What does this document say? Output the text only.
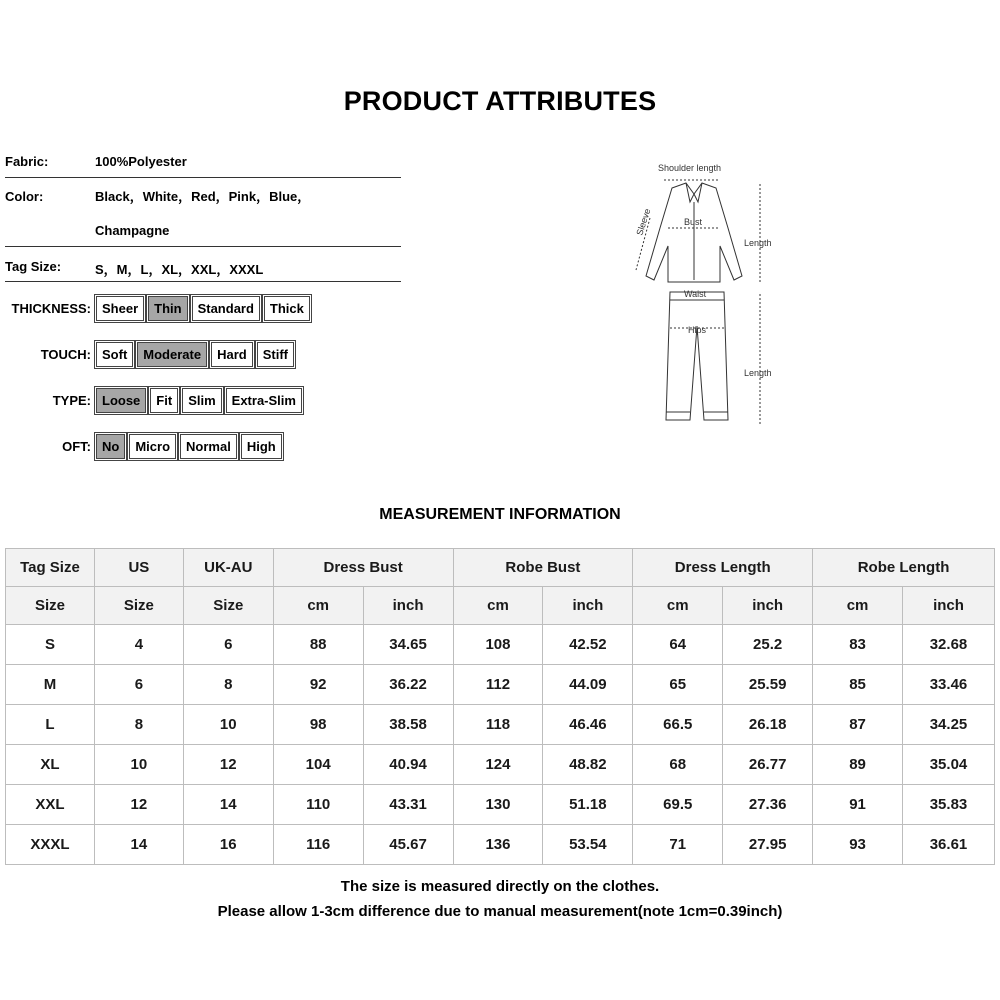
PRODUCT ATTRIBUTES
Fabric:	100%Polyester
Color:	Black，White，Red，Pink，Blue，
Champagne
Tag Size:	S，M，L，XL，XXL，XXXL
THICKNESS: Sheer	Thin	Standard	Thick
TOUCH: Soft	Moderate	Hard	Stiff
TYPE: Loose	Fit	Slim	Extra-Slim
OFT: No	Micro	Normal	High
Shoulder length
Bust
Sleeve
Length
Waist
Hips
Length
MEASUREMENT INFORMATION
Tag Size	US	UK-AU	Dress Bust		Robe Bust		Dress Length		Robe Length	
Size	Size	Size	cm	inch	cm	inch	cm	inch	cm	inch
S	4	6	88	34.65	108	42.52	64	25.2	83	32.68
M	6	8	92	36.22	112	44.09	65	25.59	85	33.46
L	8	10	98	38.58	118	46.46	66.5	26.18	87	34.25
XL	10	12	104	40.94	124	48.82	68	26.77	89	35.04
XXL	12	14	110	43.31	130	51.18	69.5	27.36	91	35.83
XXXL	14	16	116	45.67	136	53.54	71	27.95	93	36.61
The size is measured directly on the clothes.
Please allow 1-3cm difference due to manual measurement(note 1cm=0.39inch)
